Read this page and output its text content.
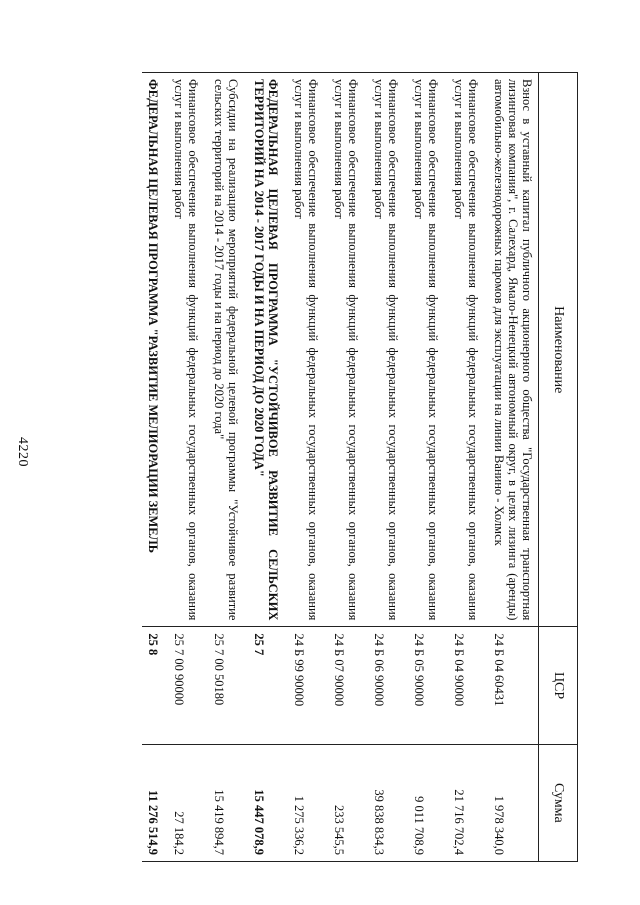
4220
Наименование	ЦСР	Сумма
Взнос в уставный капитал публичного акционерного общества "Государственная транспортная лизинговая компания", г. Салехард, Ямало-Ненецкий автономный округ, в целях лизинга (аренды) автомобильно-железнодорожных паромов для эксплуатации на линии Ванино - Холмск	24 Б 04 60431	1 978 340,0
Финансовое обеспечение выполнения функций федеральных государственных органов, оказания услуг и выполнения работ	24 Б 04 90000	21 716 702,4
Финансовое обеспечение выполнения функций федеральных государственных органов, оказания услуг и выполнения работ	24 Б 05 90000	9 011 708,9
Финансовое обеспечение выполнения функций федеральных государственных органов, оказания услуг и выполнения работ	24 Б 06 90000	39 838 834,3
Финансовое обеспечение выполнения функций федеральных государственных органов, оказания услуг и выполнения работ	24 Б 07 90000	233 545,5
Финансовое обеспечение выполнения функций федеральных государственных органов, оказания услуг и выполнения работ	24 Б 99 90000	1 275 336,2
ФЕДЕРАЛЬНАЯ ЦЕЛЕВАЯ ПРОГРАММА "УСТОЙЧИВОЕ РАЗВИТИЕ СЕЛЬСКИХ ТЕРРИТОРИЙ НА 2014 - 2017 ГОДЫ И НА ПЕРИОД ДО 2020 ГОДА"	25 7	15 447 078,9
Субсидии на реализацию мероприятий федеральной целевой программы "Устойчивое развитие сельских территорий на 2014 - 2017 годы и на период до 2020 года"	25 7 00 50180	15 419 894,7
Финансовое обеспечение выполнения функций федеральных государственных органов, оказания услуг и выполнения работ	25 7 00 90000	27 184,2
ФЕДЕРАЛЬНАЯ ЦЕЛЕВАЯ ПРОГРАММА "РАЗВИТИЕ МЕЛИОРАЦИИ ЗЕМЕЛЬ	25 8	11 276 514,9
